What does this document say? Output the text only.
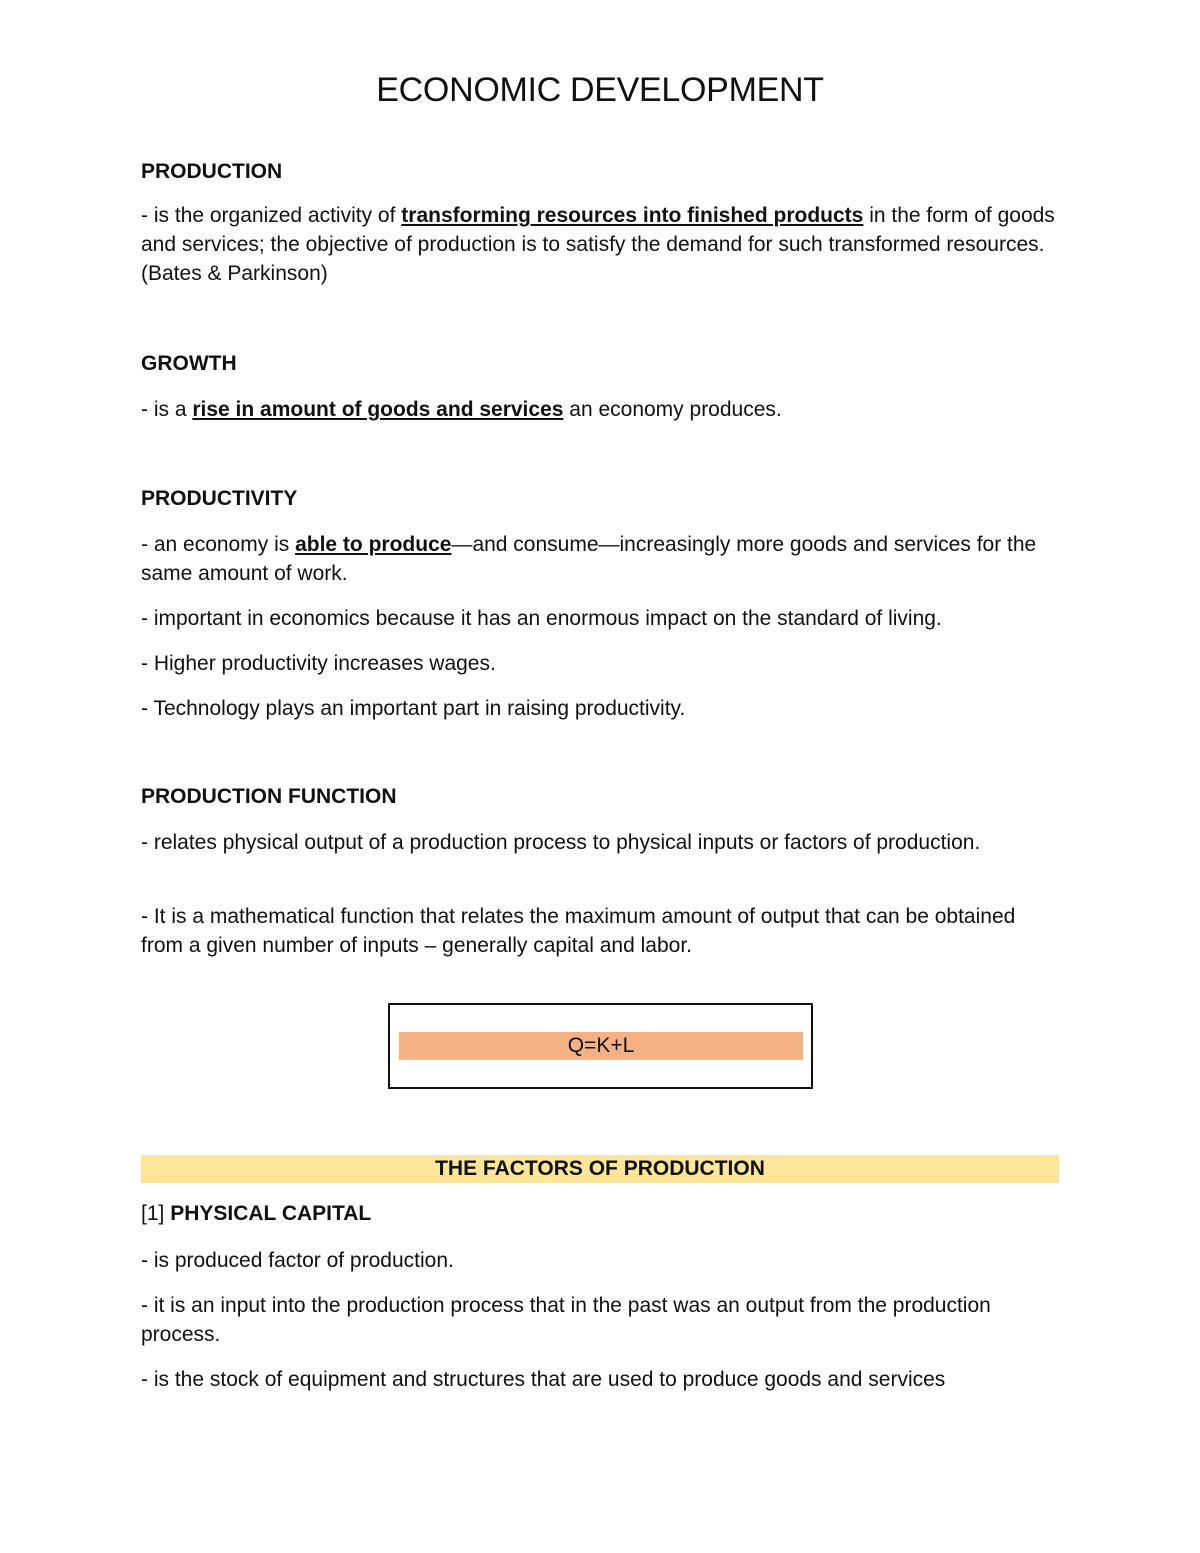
ECONOMIC DEVELOPMENT
PRODUCTION

- is the organized activity of transforming resources into finished products in the form of goods and services; the objective of production is to satisfy the demand for such transformed resources. (Bates & Parkinson)

GROWTH

- is a rise in amount of goods and services an economy produces.

PRODUCTIVITY

- an economy is able to produce—and consume—increasingly more goods and services for the same amount of work.

- important in economics because it has an enormous impact on the standard of living.

- Higher productivity increases wages.

- Technology plays an important part in raising productivity.

PRODUCTION FUNCTION

- relates physical output of a production process to physical inputs or factors of production.

- It is a mathematical function that relates the maximum amount of output that can be obtained from a given number of inputs – generally capital and labor.

Q=K+L
THE FACTORS OF PRODUCTION
[1] PHYSICAL CAPITAL

- is produced factor of production.

- it is an input into the production process that in the past was an output from the production process.

- is the stock of equipment and structures that are used to produce goods and services
